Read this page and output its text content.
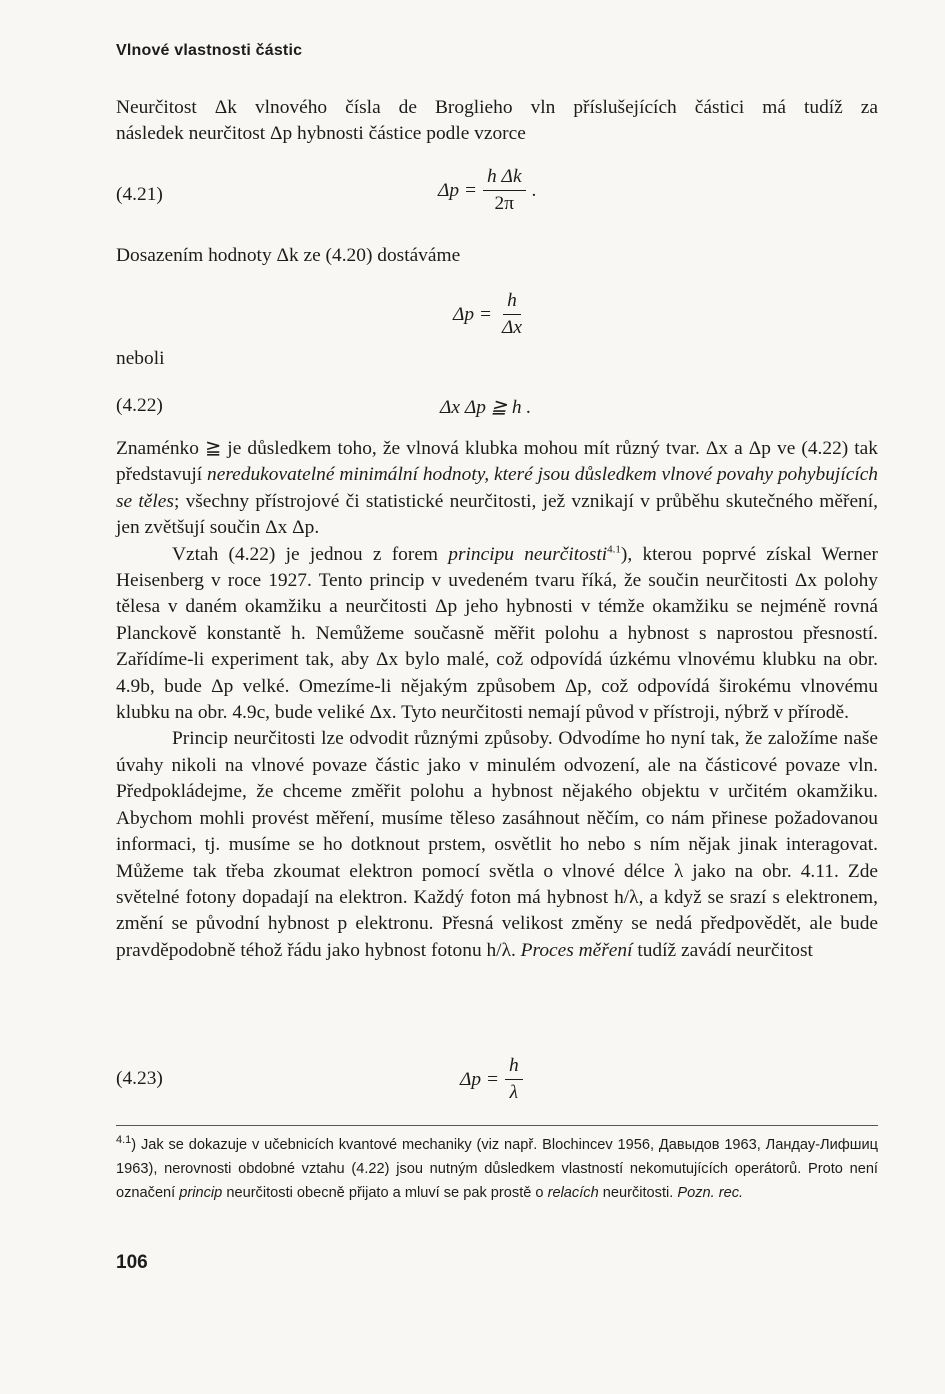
Vlnové vlastnosti částic

Neurčitost Δk vlnového čísla de Broglieho vln příslušejících částici má tudíž za

následek neurčitost Δp hybnosti částice podle vzorce

(4.21)	$\Delta p = \frac{\text{h Δk}}{2\pi}$ .
Dosazením hodnoty Δk ze (4.20) dostáváme
$\Delta p = \frac{h}{\Delta x}$
neboli
(4.22)	Δx Δp ≧ h .

Znaménko ≧ je důsledkem toho, že vlnová klubka mohou mít různý tvar. Δx a Δp ve (4.22) tak představují neredukovatelné minimální hodnoty, které jsou důsledkem vlnové povahy pohybujících se těles; všechny přístrojové či statistické neurčitosti, jež vznikají v průběhu skutečného měření, jen zvětšují součin Δx Δp.

Vztah (4.22) je jednou z forem principu neurčitosti$^{4.1}$), kterou poprvé získal Werner Heisenberg v roce 1927. Tento princip v uvedeném tvaru říká, že součin neurčitosti Δx polohy tělesa v daném okamžiku a neurčitosti Δp jeho hybnosti v témže okamžiku se nejméně rovná Planckově konstantě h. Nemůžeme současně měřit polohu a hybnost s naprostou přesností. Zařídíme-li experiment tak, aby Δx bylo malé, což odpovídá úzkému vlnovému klubku na obr. 4.9b, bude Δp velké. Omezíme-li nějakým způsobem Δp, což odpovídá širokému vlnovému klubku na obr. 4.9c, bude veliké Δx. Tyto neurčitosti nemají původ v přístroji, nýbrž v přírodě.

Princip neurčitosti lze odvodit různými způsoby. Odvodíme ho nyní tak, že založíme naše úvahy nikoli na vlnové povaze částic jako v minulém odvození, ale na částicové povaze vln. Předpokládejme, že chceme změřit polohu a hybnost nějakého objektu v určitém okamžiku. Abychom mohli provést měření, musíme těleso zasáhnout něčím, co nám přinese požadovanou informaci, tj. musíme se ho dotknout prstem, osvětlit ho nebo s ním nějak jinak interagovat. Můžeme tak třeba zkoumat elektron pomocí světla o vlnové délce λ jako na obr. 4.11. Zde světelné fotony dopadají na elektron. Každý foton má hybnost h/λ, a když se srazí s elektronem, změní se původní hybnost p elektronu. Přesná velikost změny se nedá předpovědět, ale bude pravděpodobně téhož řádu jako hybnost fotonu h/λ. Proces měření tudíž zavádí neurčitost

(4.23)	$\Delta p = \frac{h}{\lambda}$
$^{4.1}$) Jak se dokazuje v učebnicích kvantové mechaniky (viz např. Blochincev 1956, Давыдов 1963, Ландау-Лифшиц 1963), nerovnosti obdobné vztahu (4.22) jsou nutným důsledkem vlastností nekomutujících operátorů. Proto není označení princip neurčitosti obecně přijato a mluví se pak prostě o relacích neurčitosti. Pozn. rec.
106
